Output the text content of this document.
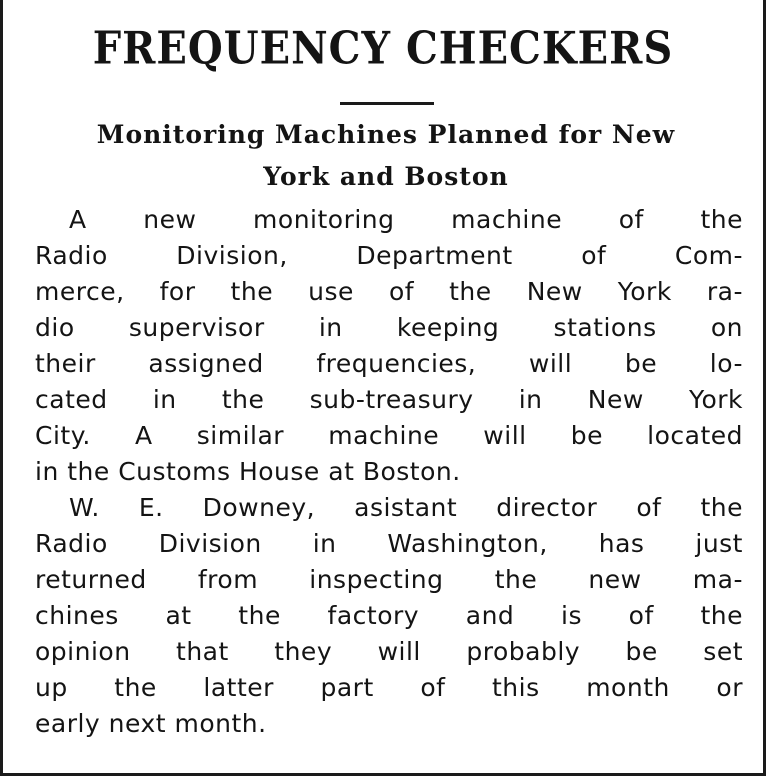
FREQUENCY CHECKERS
Monitoring Machines Planned for New
York and Boston

A new monitoring machine of the
Radio Division, Department of Com-
merce, for the use of the New York ra-
dio supervisor in keeping stations on
their assigned frequencies, will be lo-
cated in the sub-treasury in New York
City. A similar machine will be located
in the Customs House at Boston.

W. E. Downey, asistant director of the
Radio Division in Washington, has just
returned from inspecting the new ma-
chines at the factory and is of the
opinion that they will probably be set
up the latter part of this month or
early next month.
